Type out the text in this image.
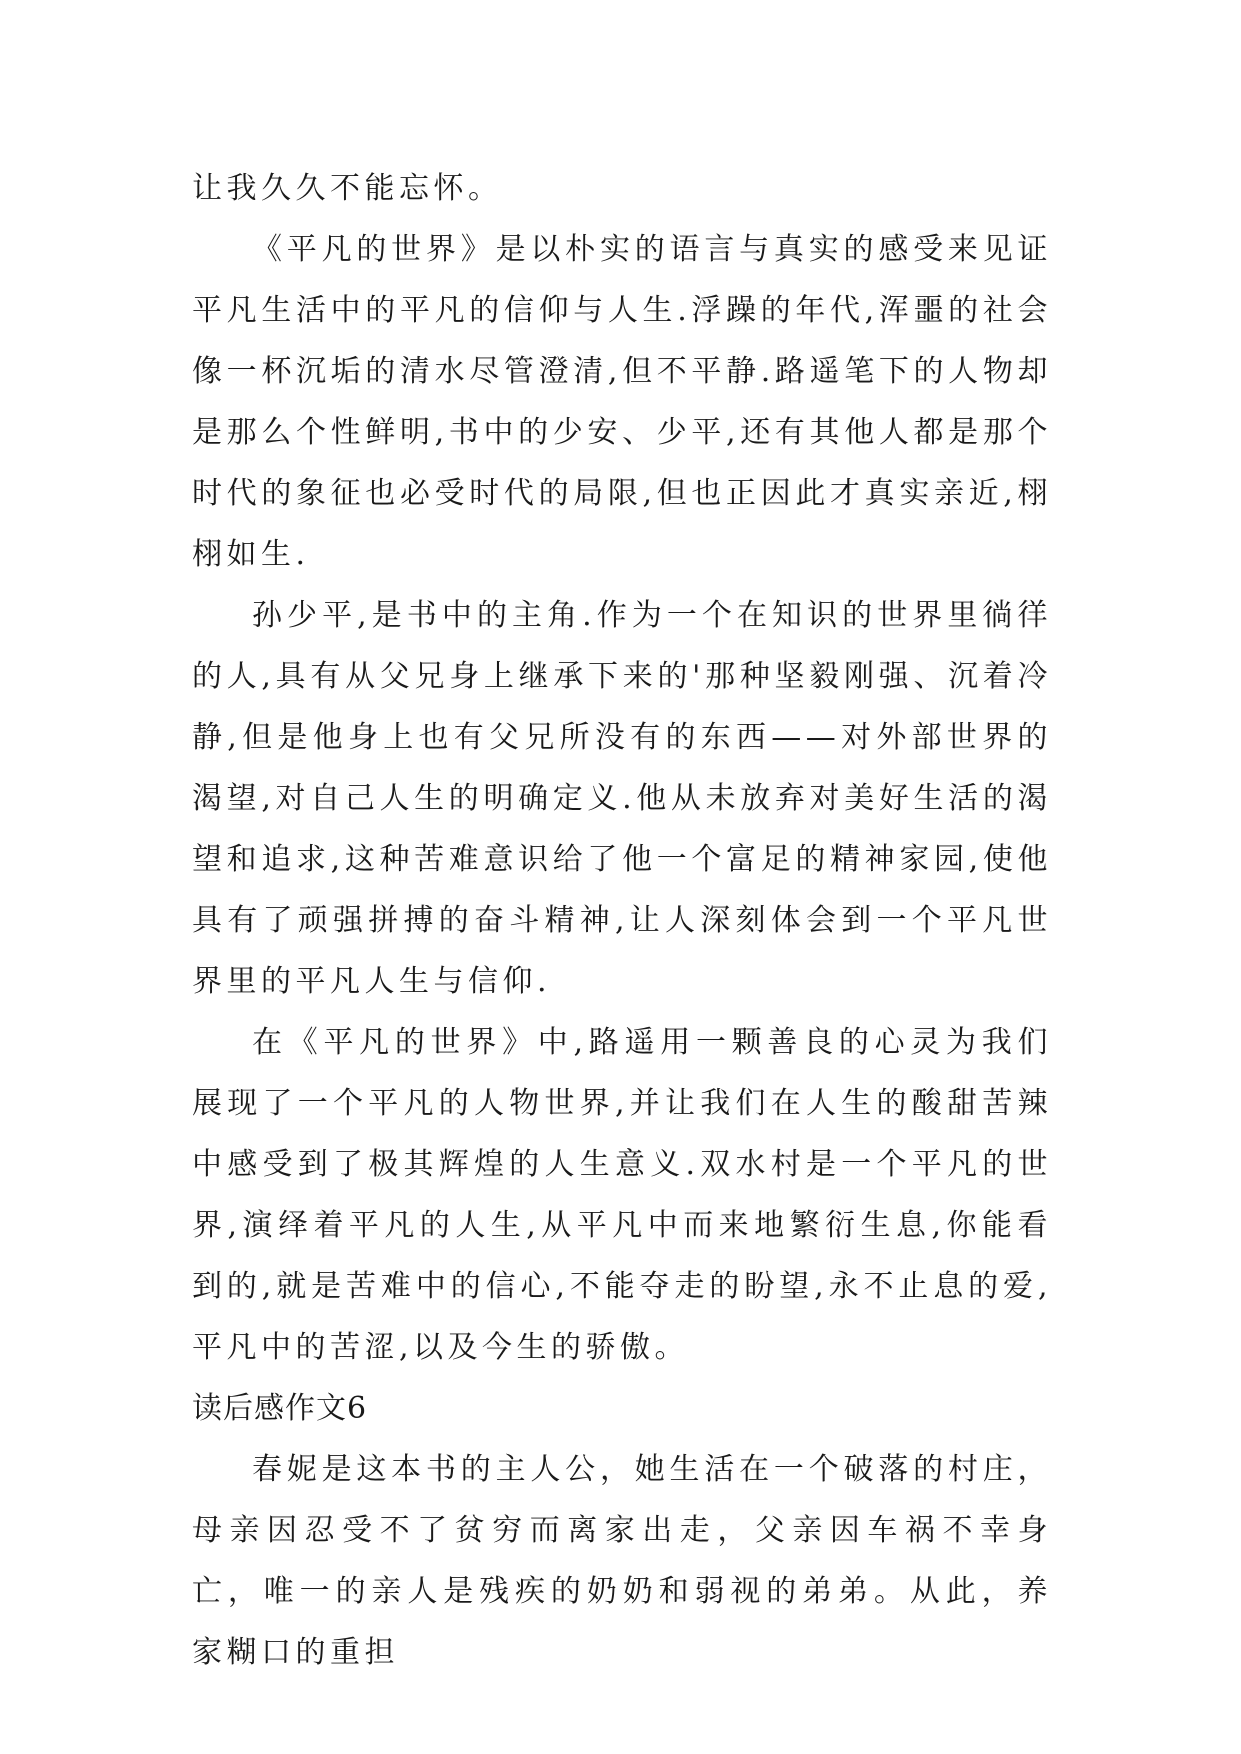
让我久久不能忘怀。

《平凡的世界》是以朴实的语言与真实的感受来见证平凡生活中的平凡的信仰与人生.浮躁的年代,浑噩的社会像一杯沉垢的清水尽管澄清,但不平静.路遥笔下的人物却是那么个性鲜明,书中的少安、少平,还有其他人都是那个时代的象征也必受时代的局限,但也正因此才真实亲近,栩栩如生.

孙少平,是书中的主角.作为一个在知识的世界里徜徉的人,具有从父兄身上继承下来的'那种坚毅刚强、沉着冷静,但是他身上也有父兄所没有的东西——对外部世界的渴望,对自己人生的明确定义.他从未放弃对美好生活的渴望和追求,这种苦难意识给了他一个富足的精神家园,使他具有了顽强拼搏的奋斗精神,让人深刻体会到一个平凡世界里的平凡人生与信仰.

在《平凡的世界》中,路遥用一颗善良的心灵为我们展现了一个平凡的人物世界,并让我们在人生的酸甜苦辣中感受到了极其辉煌的人生意义.双水村是一个平凡的世界,演绎着平凡的人生,从平凡中而来地繁衍生息,你能看到的,就是苦难中的信心,不能夺走的盼望,永不止息的爱,平凡中的苦涩,以及今生的骄傲。

读后感作文6

春妮是这本书的主人公，她生活在一个破落的村庄，母亲因忍受不了贫穷而离家出走，父亲因车祸不幸身亡，唯一的亲人是残疾的奶奶和弱视的弟弟。从此，养家糊口的重担
